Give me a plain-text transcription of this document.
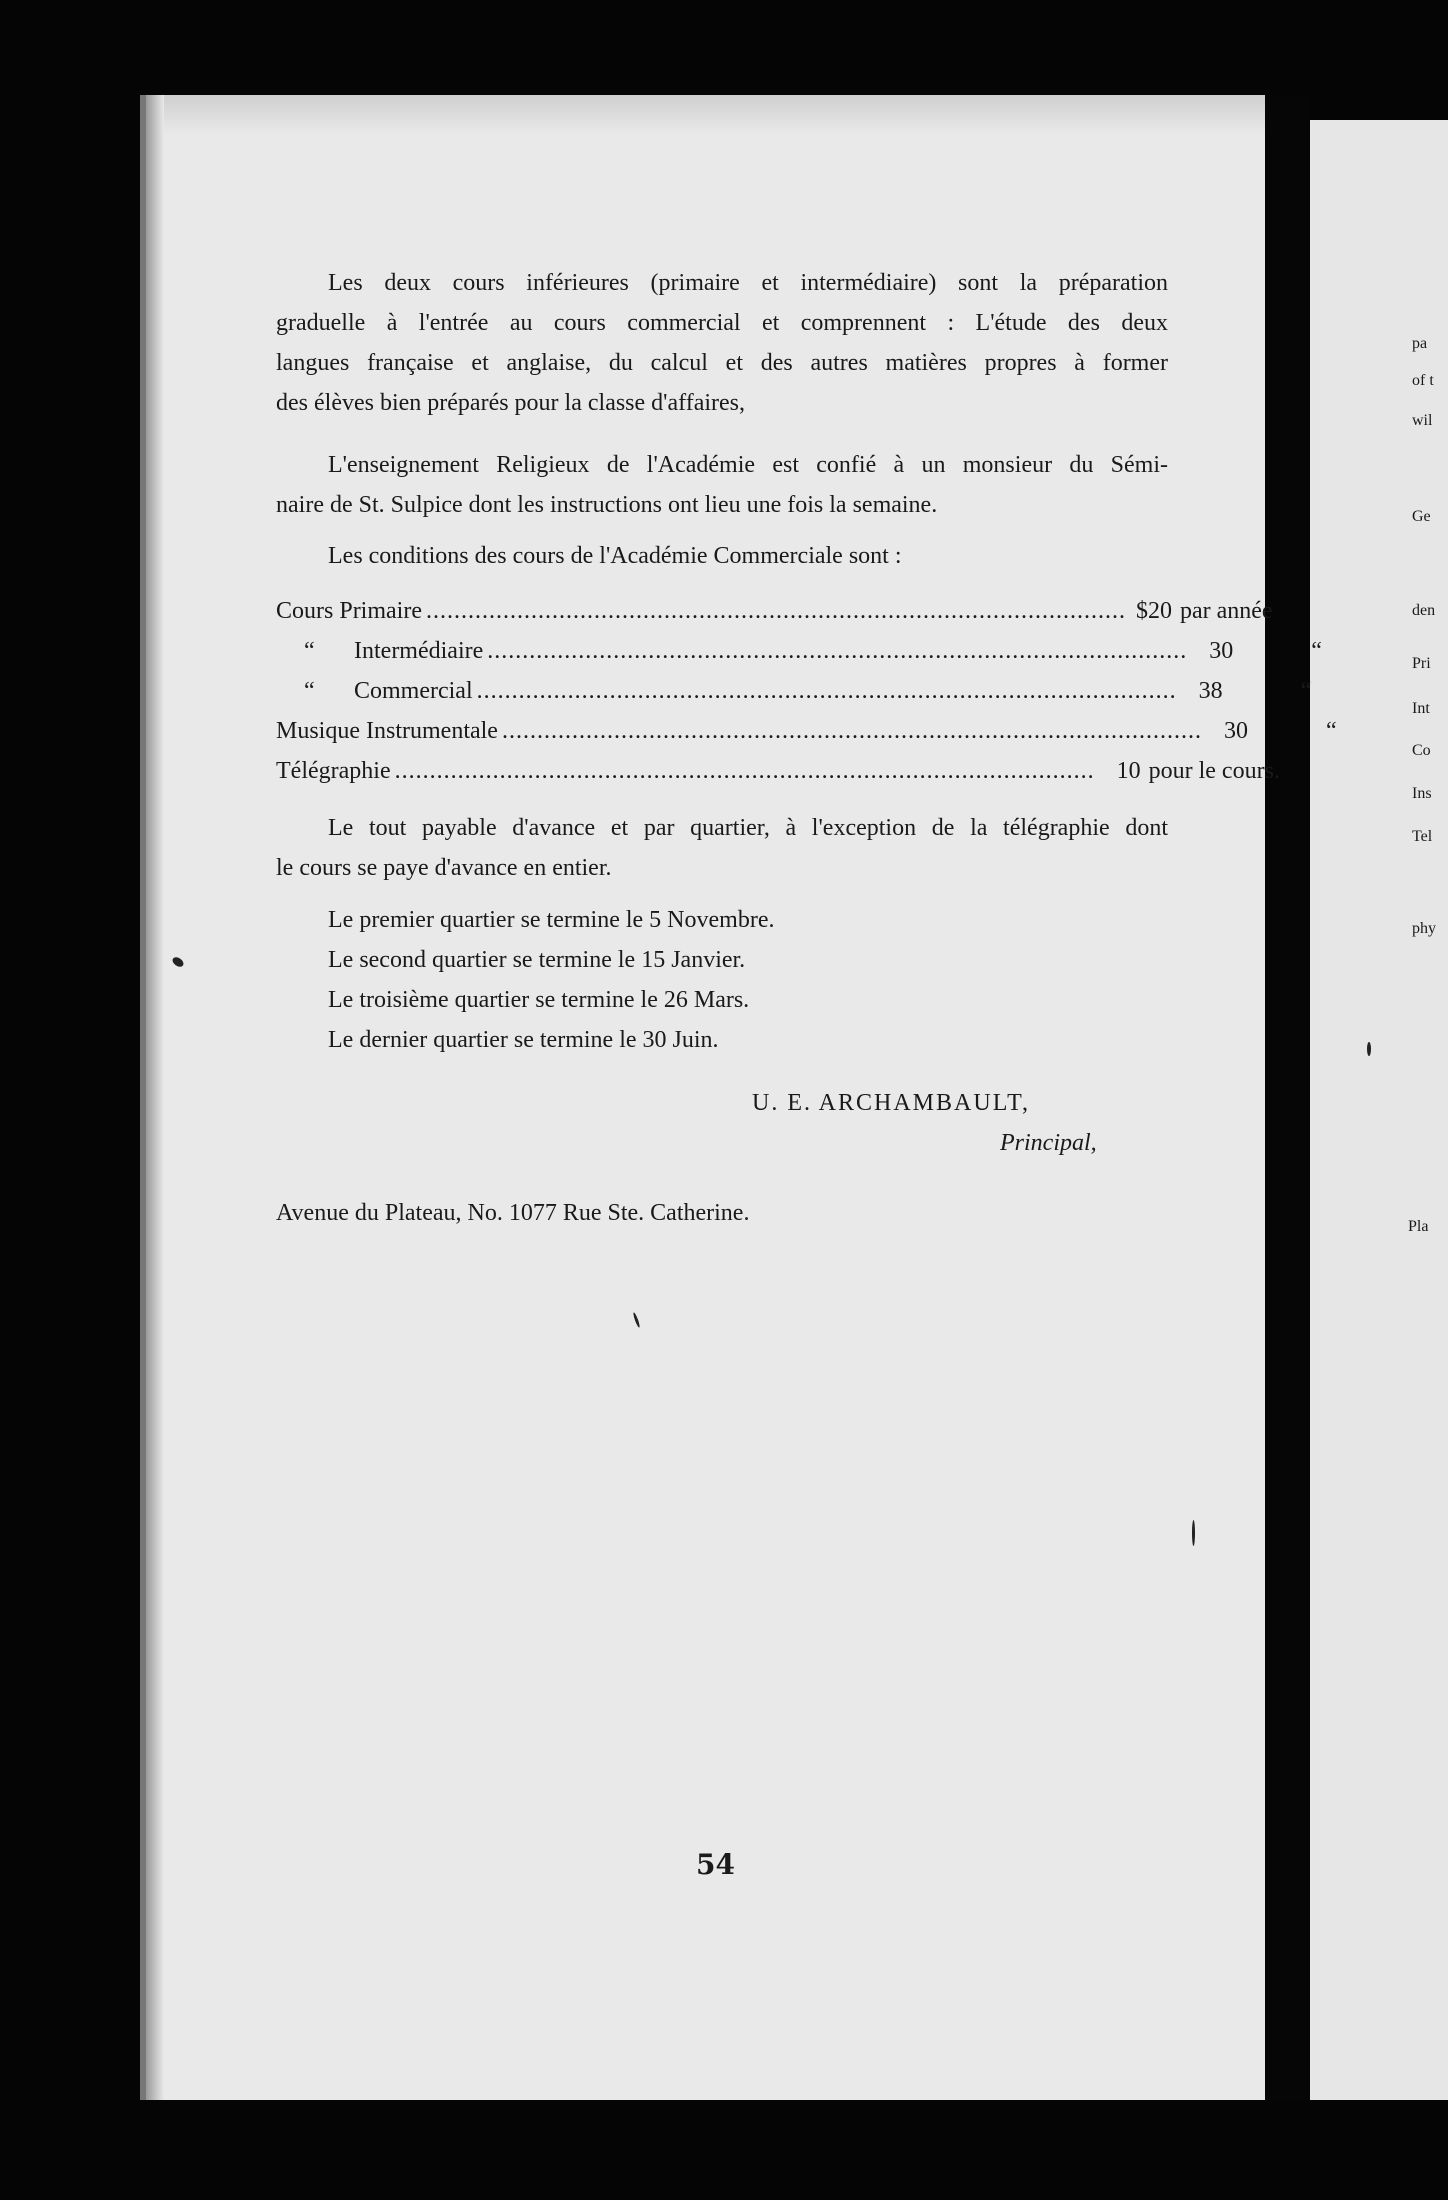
pa
of t
wil
Ge
den
Pri
Int
Co
Ins
Tel
phy
Pla
Les deux cours inférieures (primaire et intermédiaire) sont la préparation
graduelle à l'entrée au cours commercial et comprennent : L'étude des deux
langues française et anglaise, du calcul et des autres matières propres à former
des élèves bien préparés pour la classe d'affaires,
L'enseignement Religieux de l'Académie est confié à un monsieur du Sémi-
naire de St. Sulpice dont les instructions ont lieu une fois la semaine.
Les conditions des cours de l'Académie Commerciale sont :
Cours Primaire .................................................................................................... $20 par année
“	Intermédiaire .................................................................................................... 30	“
“	Commercial .................................................................................................... 38	“
Musique Instrumentale .................................................................................................... 30	“
Télégraphie .................................................................................................... 10 pour le cours.
Le tout payable d'avance et par quartier, à l'exception de la télégraphie dont
le cours se paye d'avance en entier.
Le premier quartier se termine le 5 Novembre.
Le second quartier se termine le 15 Janvier.
Le troisième quartier se termine le 26 Mars.
Le dernier quartier se termine le 30 Juin.
U. E. ARCHAMBAULT,
Principal,
Avenue du Plateau, No. 1077 Rue Ste. Catherine.
54
